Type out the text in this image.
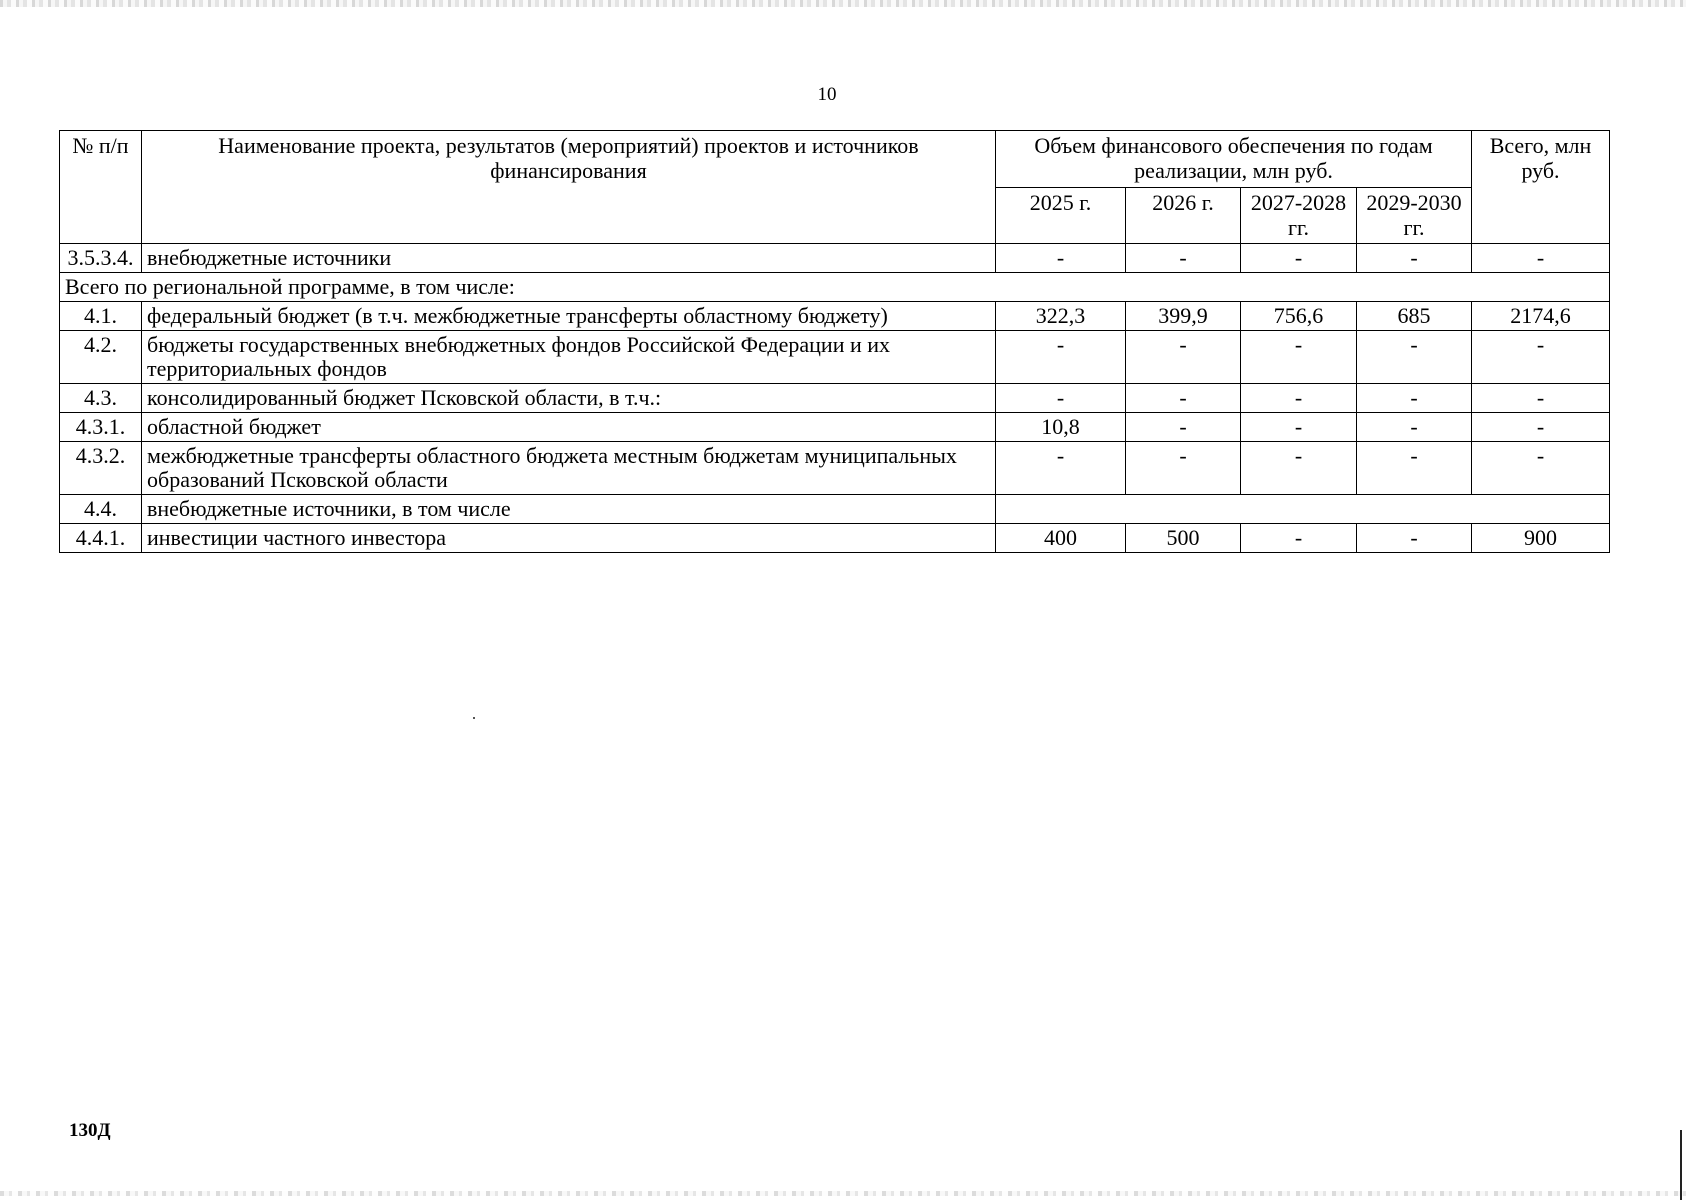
10
№ п/п	Наименование проекта, результатов (мероприятий) проектов и источников финансирования	Объем финансового обеспечения по годам реализации, млн руб.				Всего, млн руб.
		2025 г.	2026 г.	2027-2028 гг.	2029-2030 гг.	
3.5.3.4.	внебюджетные источники	-	-	-	-	-
Всего по региональной программе, в том числе:						
4.1.	федеральный бюджет (в т.ч. межбюджетные трансферты областному бюджету)	322,3	399,9	756,6	685	2174,6
4.2.	бюджеты государственных внебюджетных фондов Российской Федерации и их территориальных фондов	-	-	-	-	-
4.3.	консолидированный бюджет Псковской области, в т.ч.:	-	-	-	-	-
4.3.1.	областной бюджет	10,8	-	-	-	-
4.3.2.	межбюджетные трансферты областного бюджета местным бюджетам муниципальных образований Псковской области	-	-	-	-	-
4.4.	внебюджетные источники, в том числе					
4.4.1.	инвестиции частного инвестора	400	500	-	-	900
130Д
